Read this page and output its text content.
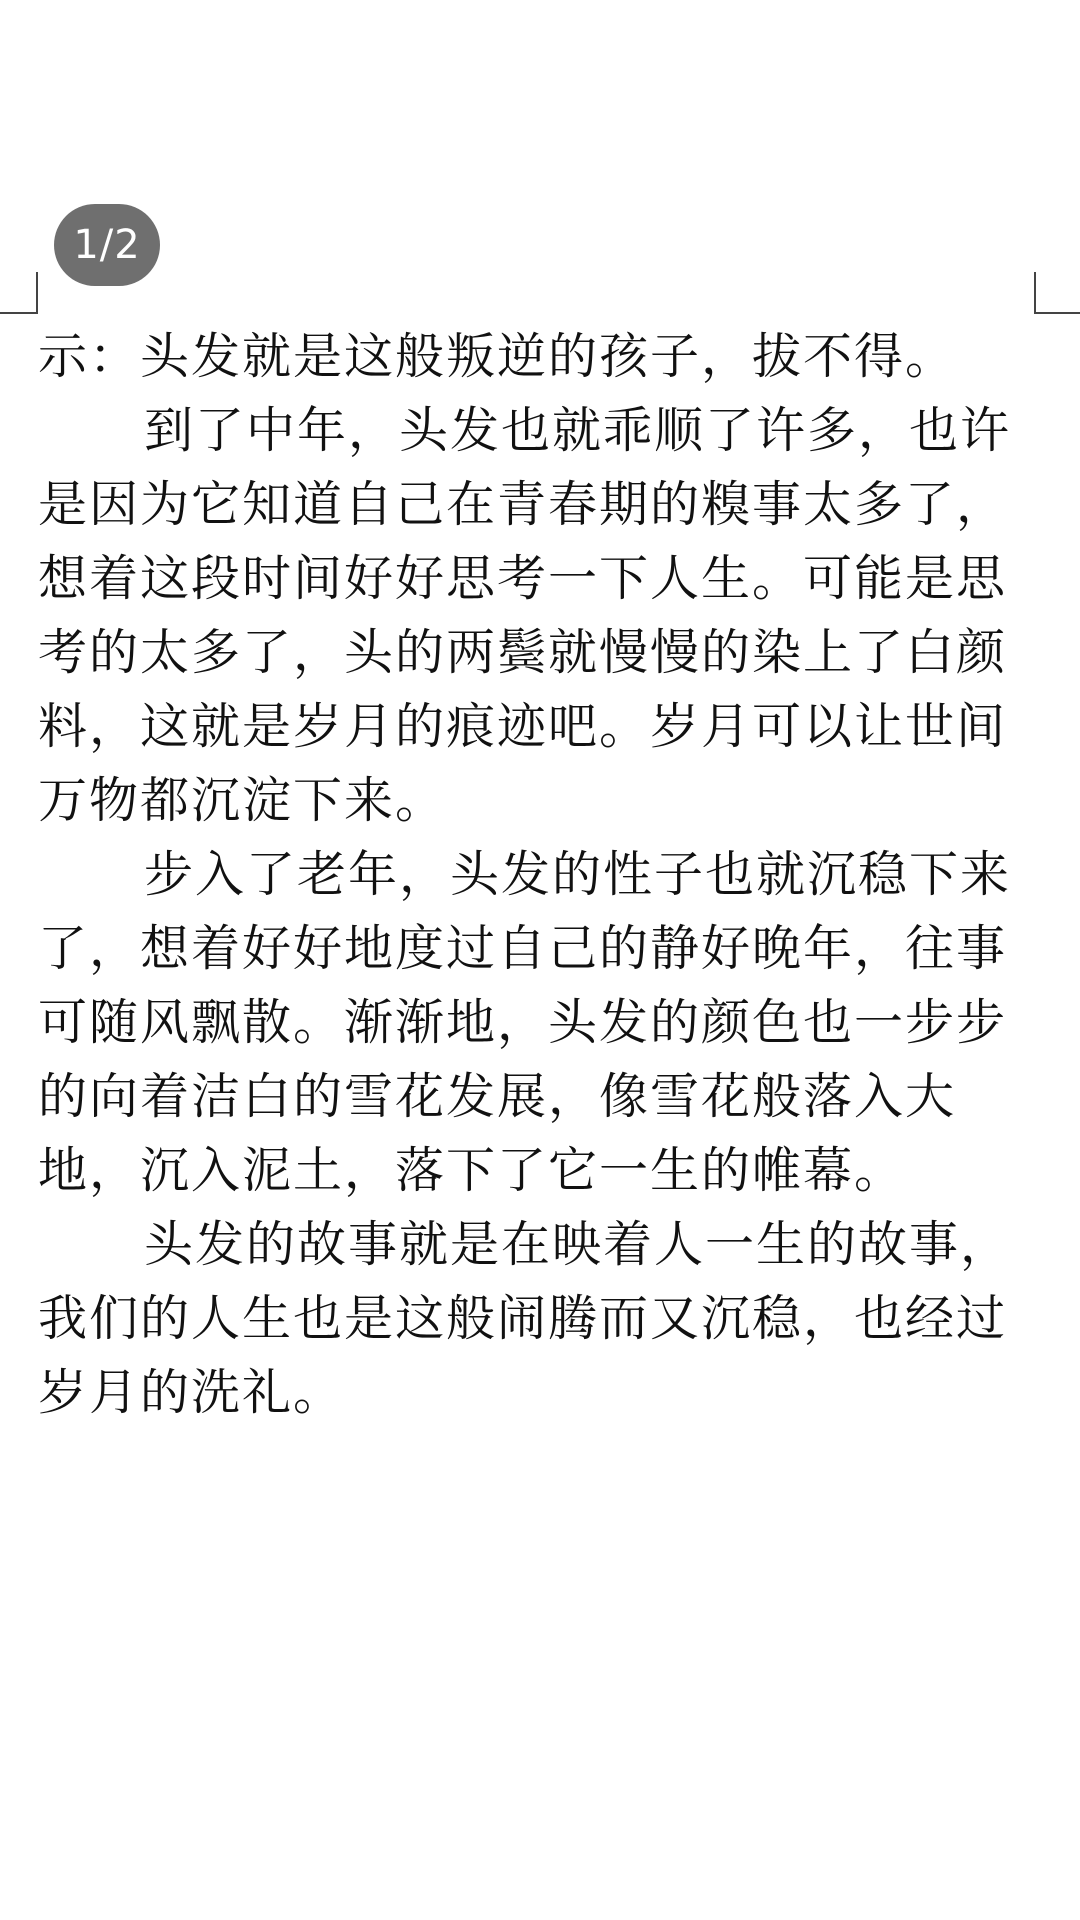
1/2
示：头发就是这般叛逆的孩子，拔不得。
到了中年，头发也就乖顺了许多，也许
是因为它知道自己在青春期的糗事太多了，
想着这段时间好好思考一下人生。可能是思
考的太多了，头的两鬓就慢慢的染上了白颜
料，这就是岁月的痕迹吧。岁月可以让世间
万物都沉淀下来。
步入了老年，头发的性子也就沉稳下来
了，想着好好地度过自己的静好晚年，往事
可随风飘散。渐渐地，头发的颜色也一步步
的向着洁白的雪花发展，像雪花般落入大
地，沉入泥土，落下了它一生的帷幕。
头发的故事就是在映着人一生的故事，
我们的人生也是这般闹腾而又沉稳，也经过
岁月的洗礼。
